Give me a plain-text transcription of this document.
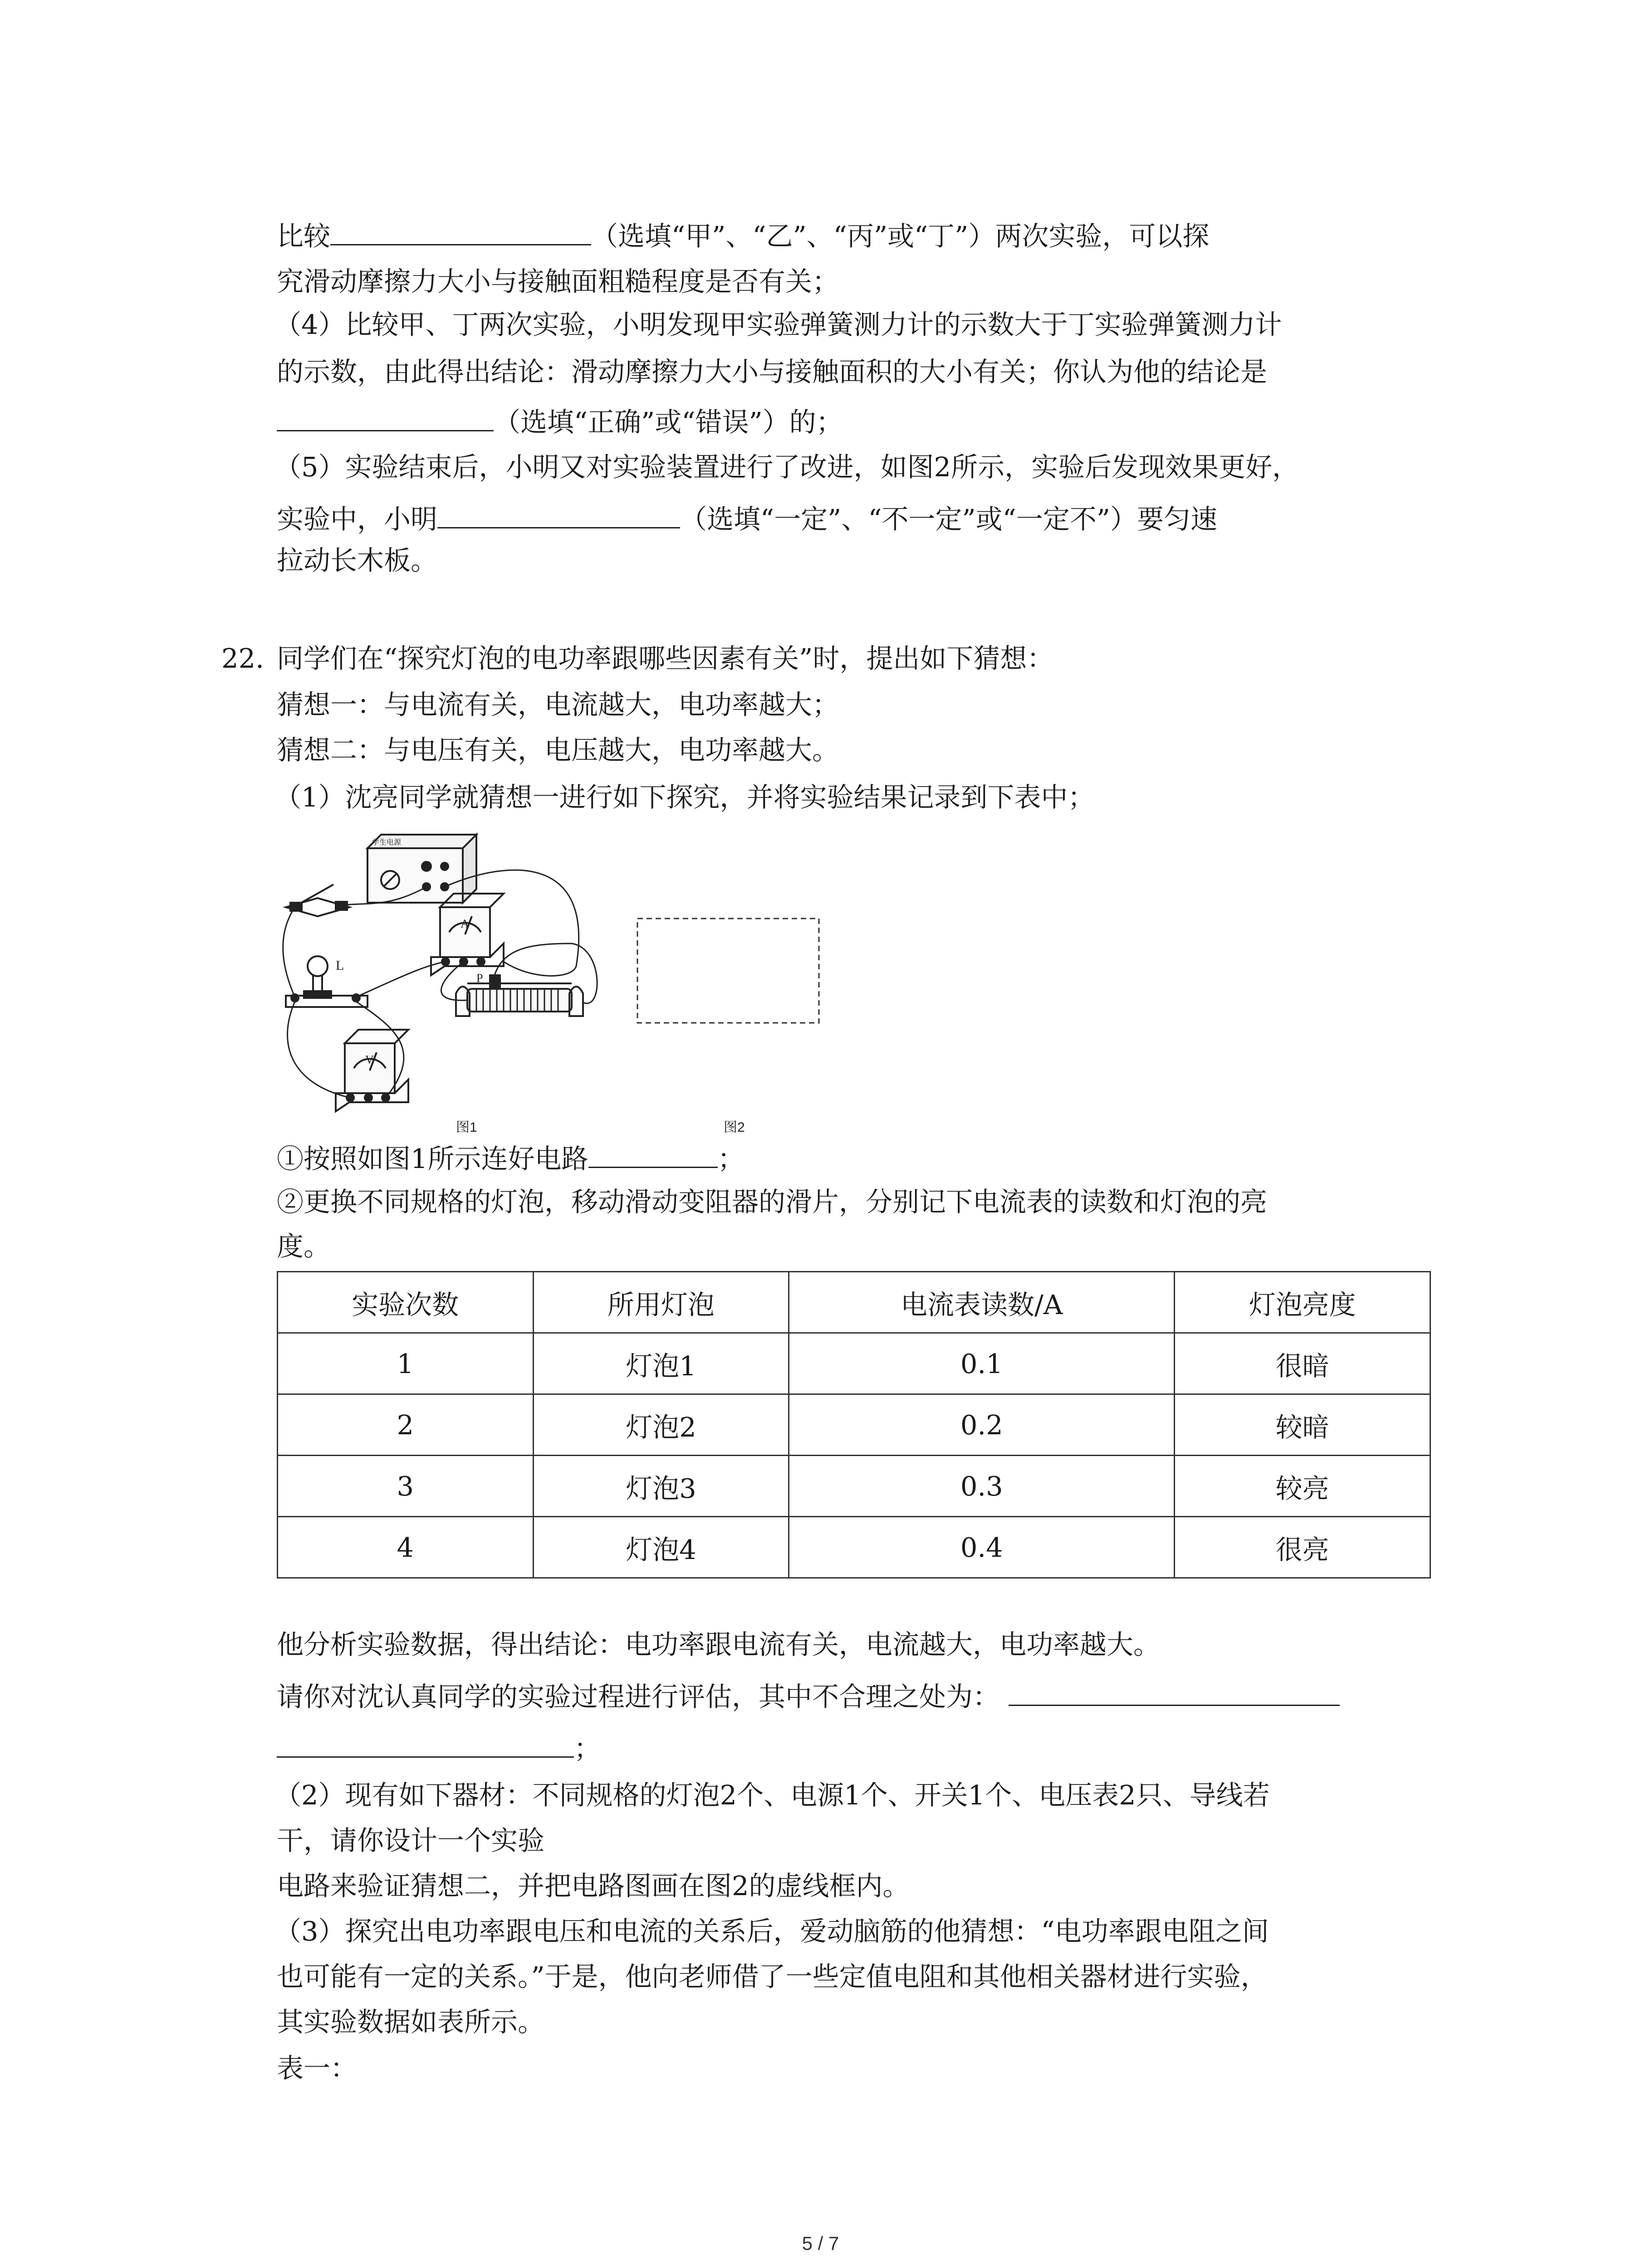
比较	（选填“甲”、“乙”、“丙”或“丁”）两次实验，可以探
究滑动摩擦力大小与接触面粗糙程度是否有关；
（4）比较甲、丁两次实验，小明发现甲实验弹簧测力计的示数大于丁实验弹簧测力计
的示数，由此得出结论：滑动摩擦力大小与接触面积的大小有关；你认为他的结论是
（选填“正确”或“错误”）的；
（5）实验结束后，小明又对实验装置进行了改进，如图2所示，实验后发现效果更好，
实验中，小明	（选填“一定”、“不一定”或“一定不”）要匀速
拉动长木板。
22. 同学们在“探究灯泡的电功率跟哪些因素有关”时，提出如下猜想：
猜想一：与电流有关，电流越大，电功率越大；
猜想二：与电压有关，电压越大，电功率越大。
（1）沈亮同学就猜想一进行如下探究，并将实验结果记录到下表中；
学生电源
L
A
V
P
图1	图2
①按照如图1所示连好电路	；
②更换不同规格的灯泡，移动滑动变阻器的滑片，分别记下电流表的读数和灯泡的亮
度。
实验次数	所用灯泡	电流表读数/A	灯泡亮度
1	灯泡1	0.1	很暗
2	灯泡2	0.2	较暗
3	灯泡3	0.3	较亮
4	灯泡4	0.4	很亮
他分析实验数据，得出结论：电功率跟电流有关，电流越大，电功率越大。
请你对沈认真同学的实验过程进行评估，其中不合理之处为：
；
（2）现有如下器材：不同规格的灯泡2个、电源1个、开关1个、电压表2只、导线若
干，请你设计一个实验
电路来验证猜想二，并把电路图画在图2的虚线框内。
（3）探究出电功率跟电压和电流的关系后，爱动脑筋的他猜想：“电功率跟电阻之间
也可能有一定的关系。”于是，他向老师借了一些定值电阻和其他相关器材进行实验，
其实验数据如表所示。
表一：
5 / 7
